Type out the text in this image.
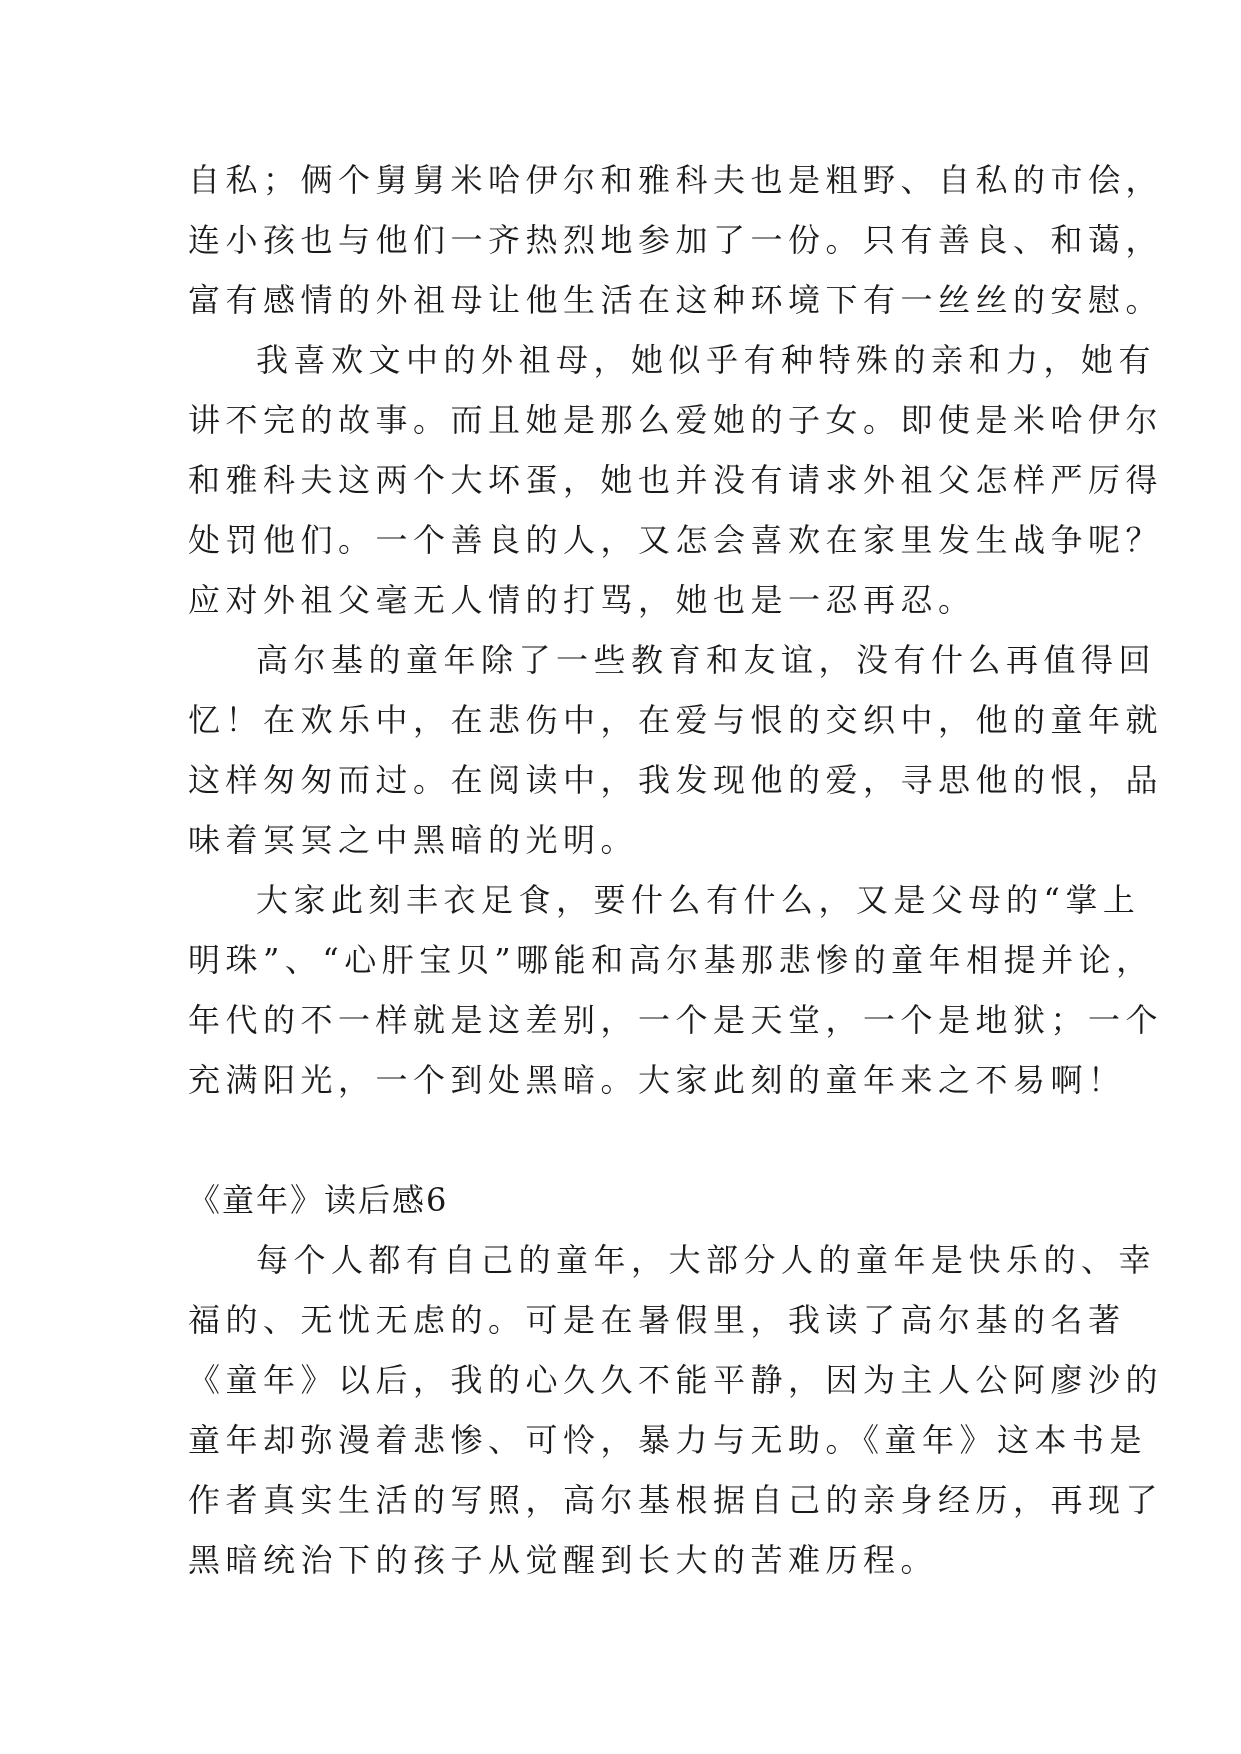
自私；俩个舅舅米哈伊尔和雅科夫也是粗野、自私的市侩，
连小孩也与他们一齐热烈地参加了一份。只有善良、和蔼，
富有感情的外祖母让他生活在这种环境下有一丝丝的安慰。
我喜欢文中的外祖母，她似乎有种特殊的亲和力，她有
讲不完的故事。而且她是那么爱她的子女。即使是米哈伊尔
和雅科夫这两个大坏蛋，她也并没有请求外祖父怎样严厉得
处罚他们。一个善良的人，又怎会喜欢在家里发生战争呢？
应对外祖父毫无人情的打骂，她也是一忍再忍。
高尔基的童年除了一些教育和友谊，没有什么再值得回
忆！在欢乐中，在悲伤中，在爱与恨的交织中，他的童年就
这样匆匆而过。在阅读中，我发现他的爱，寻思他的恨，品
味着冥冥之中黑暗的光明。
大家此刻丰衣足食，要什么有什么，又是父母的“掌上
明珠”、“心肝宝贝”哪能和高尔基那悲惨的童年相提并论，
年代的不一样就是这差别，一个是天堂，一个是地狱；一个
充满阳光，一个到处黑暗。大家此刻的童年来之不易啊！
《童年》读后感6
每个人都有自己的童年，大部分人的童年是快乐的、幸
福的、无忧无虑的。可是在暑假里，我读了高尔基的名著
《童年》以后，我的心久久不能平静，因为主人公阿廖沙的
童年却弥漫着悲惨、可怜，暴力与无助。《童年》这本书是
作者真实生活的写照，高尔基根据自己的亲身经历，再现了
黑暗统治下的孩子从觉醒到长大的苦难历程。
